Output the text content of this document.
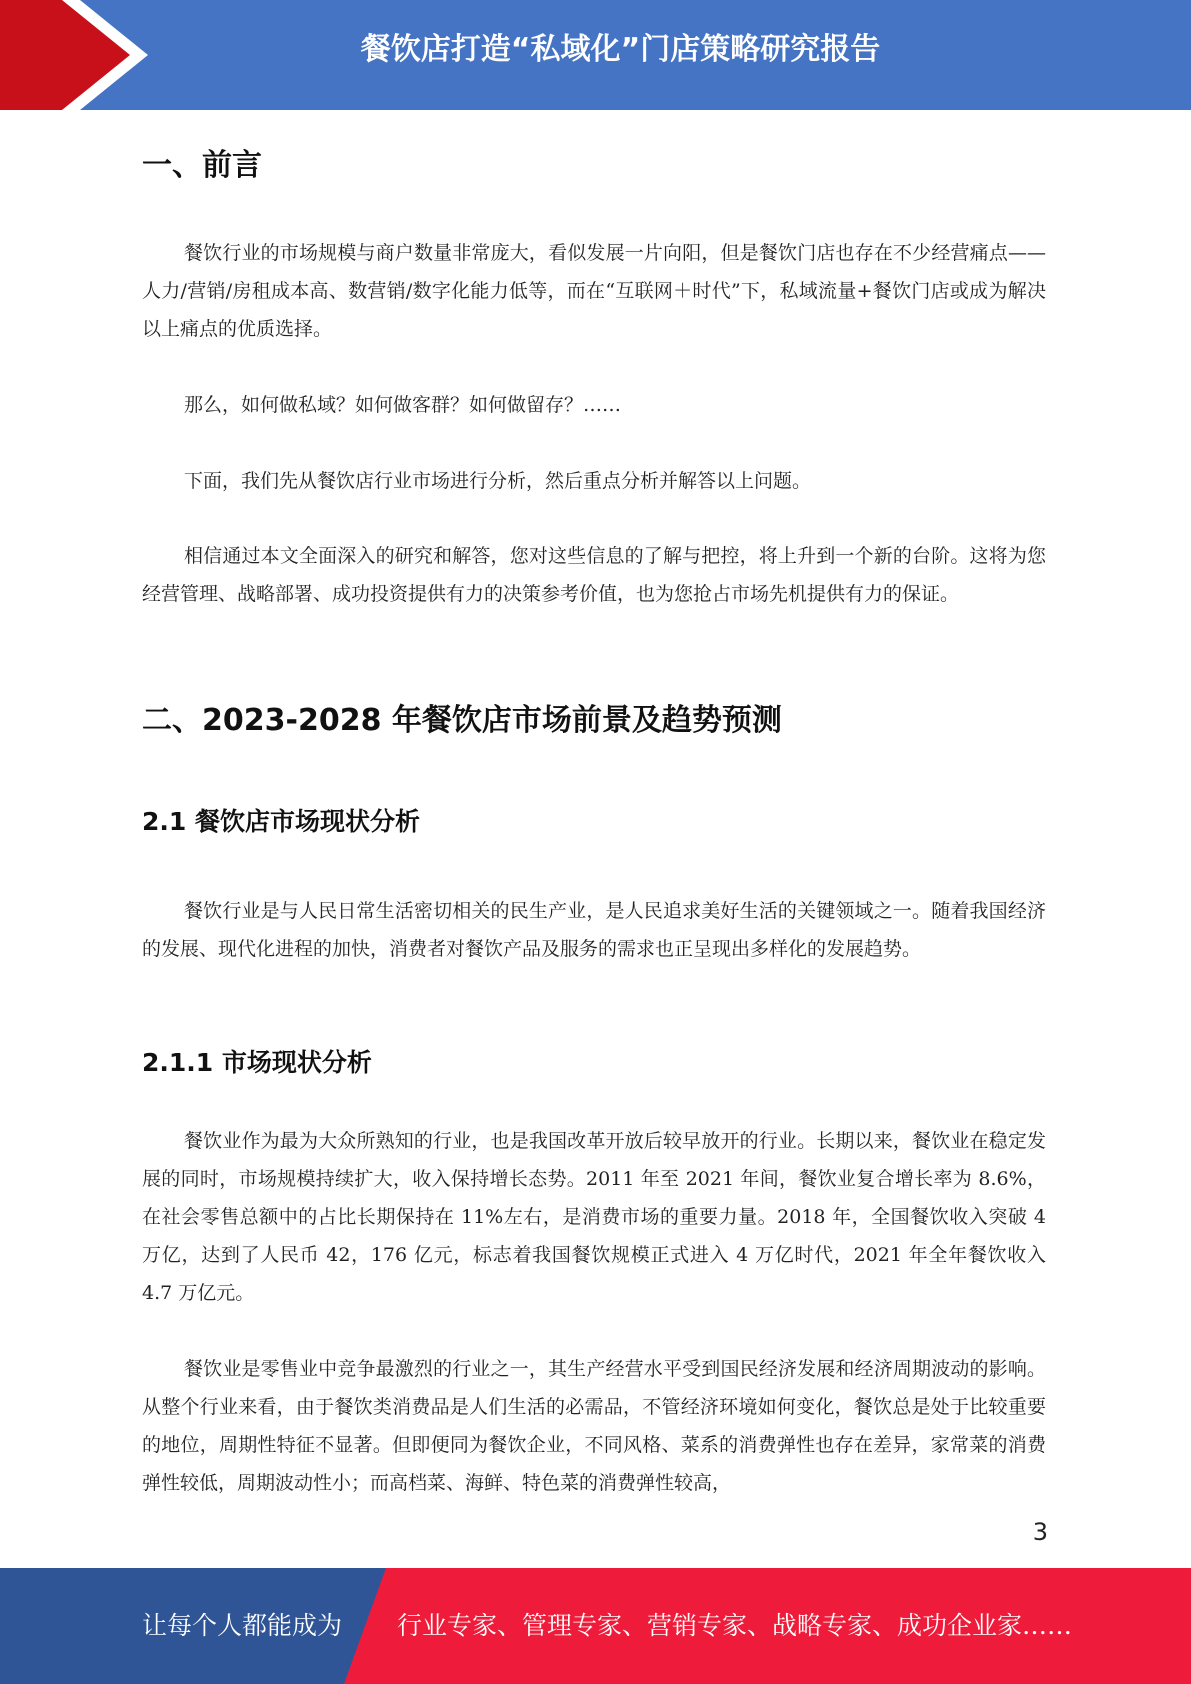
餐饮店打造“私域化”门店策略研究报告
一、前言
餐饮行业的市场规模与商户数量非常庞大，看似发展一片向阳，但是餐饮门店也存在不少经营痛点——人力/营销/房租成本高、数营销/数字化能力低等，而在“互联网＋时代”下，私域流量+餐饮门店或成为解决以上痛点的优质选择。
那么，如何做私域？如何做客群？如何做留存？……
下面，我们先从餐饮店行业市场进行分析，然后重点分析并解答以上问题。
相信通过本文全面深入的研究和解答，您对这些信息的了解与把控，将上升到一个新的台阶。这将为您经营管理、战略部署、成功投资提供有力的决策参考价值，也为您抢占市场先机提供有力的保证。
二、2023-2028 年餐饮店市场前景及趋势预测
2.1 餐饮店市场现状分析
餐饮行业是与人民日常生活密切相关的民生产业，是人民追求美好生活的关键领域之一。随着我国经济的发展、现代化进程的加快，消费者对餐饮产品及服务的需求也正呈现出多样化的发展趋势。
2.1.1 市场现状分析
餐饮业作为最为大众所熟知的行业，也是我国改革开放后较早放开的行业。长期以来，餐饮业在稳定发展的同时，市场规模持续扩大，收入保持增长态势。2011 年至 2021 年间，餐饮业复合增长率为 8.6%，在社会零售总额中的占比长期保持在 11%左右，是消费市场的重要力量。2018 年，全国餐饮收入突破 4 万亿，达到了人民币 42，176 亿元，标志着我国餐饮规模正式进入 4 万亿时代，2021 年全年餐饮收入 4.7 万亿元。
餐饮业是零售业中竞争最激烈的行业之一，其生产经营水平受到国民经济发展和经济周期波动的影响。从整个行业来看，由于餐饮类消费品是人们生活的必需品，不管经济环境如何变化，餐饮总是处于比较重要的地位，周期性特征不显著。但即便同为餐饮企业，不同风格、菜系的消费弹性也存在差异，家常菜的消费弹性较低，周期波动性小；而高档菜、海鲜、特色菜的消费弹性较高，
3
让每个人都能成为 行业专家、管理专家、营销专家、战略专家、成功企业家……
